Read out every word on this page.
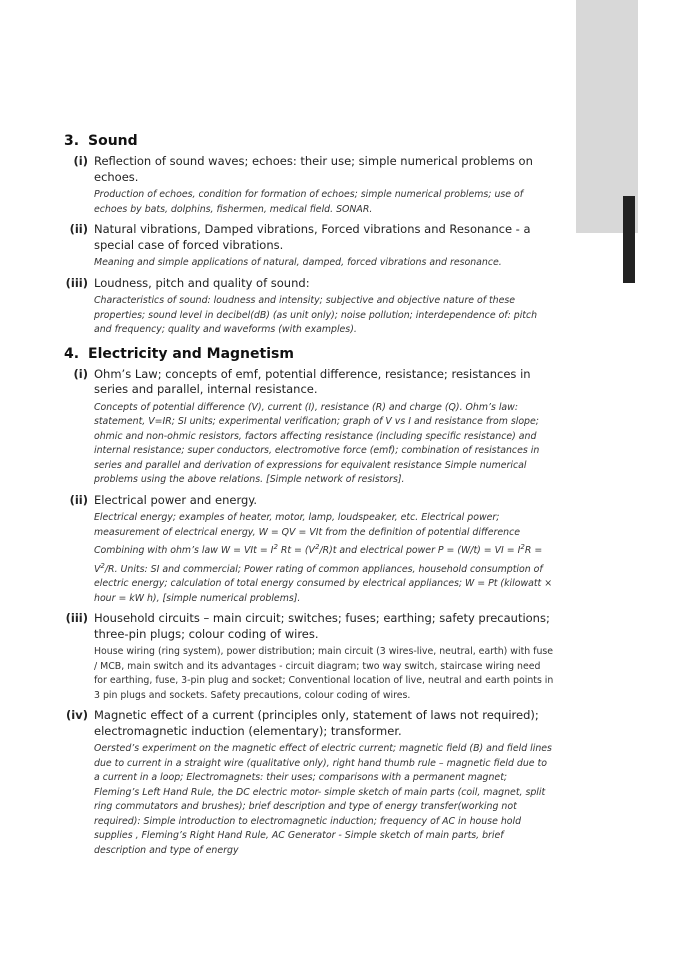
3. Sound
(i) Reflection of sound waves; echoes: their use; simple numerical problems on echoes.
Production of echoes, condition for formation of echoes; simple numerical problems; use of echoes by bats, dolphins, fishermen, medical field. SONAR.
(ii) Natural vibrations, Damped vibrations, Forced vibrations and Resonance - a special case of forced vibrations.
Meaning and simple applications of natural, damped, forced vibrations and resonance.
(iii) Loudness, pitch and quality of sound:
Characteristics of sound: loudness and intensity; subjective and objective nature of these properties; sound level in decibel(dB) (as unit only); noise pollution; interdependence of: pitch and frequency; quality and waveforms (with examples).
4. Electricity and Magnetism
(i) Ohm’s Law; concepts of emf, potential difference, resistance; resistances in series and parallel, internal resistance.
Concepts of potential difference (V), current (I), resistance (R) and charge (Q). Ohm’s law: statement, V=IR; SI units; experimental verification; graph of V vs I and resistance from slope; ohmic and non-ohmic resistors, factors affecting resistance (including specific resistance) and internal resistance; super conductors, electromotive force (emf); combination of resistances in series and parallel and derivation of expressions for equivalent resistance Simple numerical problems using the above relations. [Simple network of resistors].
(ii) Electrical power and energy.
Electrical energy; examples of heater, motor, lamp, loudspeaker, etc. Electrical power; measurement of electrical energy, W = QV = VIt from the definition of potential difference Combining with ohm’s law W = VIt = $I^2$ $Rt = (V^2/R)t$ and electrical power P = (W/t) = VI = $I^2R = V^2/R$. Units: SI and commercial; Power rating of common appliances, household consumption of electric energy; calculation of total energy consumed by electrical appliances; W = Pt (kilowatt × hour = kW h), [simple numerical problems].
(iii) Household circuits – main circuit; switches; fuses; earthing; safety precautions; three-pin plugs; colour coding of wires.
House wiring (ring system), power distribution; main circuit (3 wires-live, neutral, earth) with fuse / MCB, main switch and its advantages - circuit diagram; two way switch, staircase wiring need for earthing, fuse, 3-pin plug and socket; Conventional location of live, neutral and earth points in 3 pin plugs and sockets. Safety precautions, colour coding of wires.
(iv) Magnetic effect of a current (principles only, statement of laws not required); electromagnetic induction (elementary); transformer.
Oersted’s experiment on the magnetic effect of electric current; magnetic field (B) and field lines due to current in a straight wire (qualitative only), right hand thumb rule – magnetic field due to a current in a loop; Electromagnets: their uses; comparisons with a permanent magnet; Fleming’s Left Hand Rule, the DC electric motor- simple sketch of main parts (coil, magnet, split ring commutators and brushes); brief description and type of energy transfer(working not required): Simple introduction to electromagnetic induction; frequency of AC in house hold supplies , Fleming’s Right Hand Rule, AC Generator - Simple sketch of main parts, brief description and type of energy
